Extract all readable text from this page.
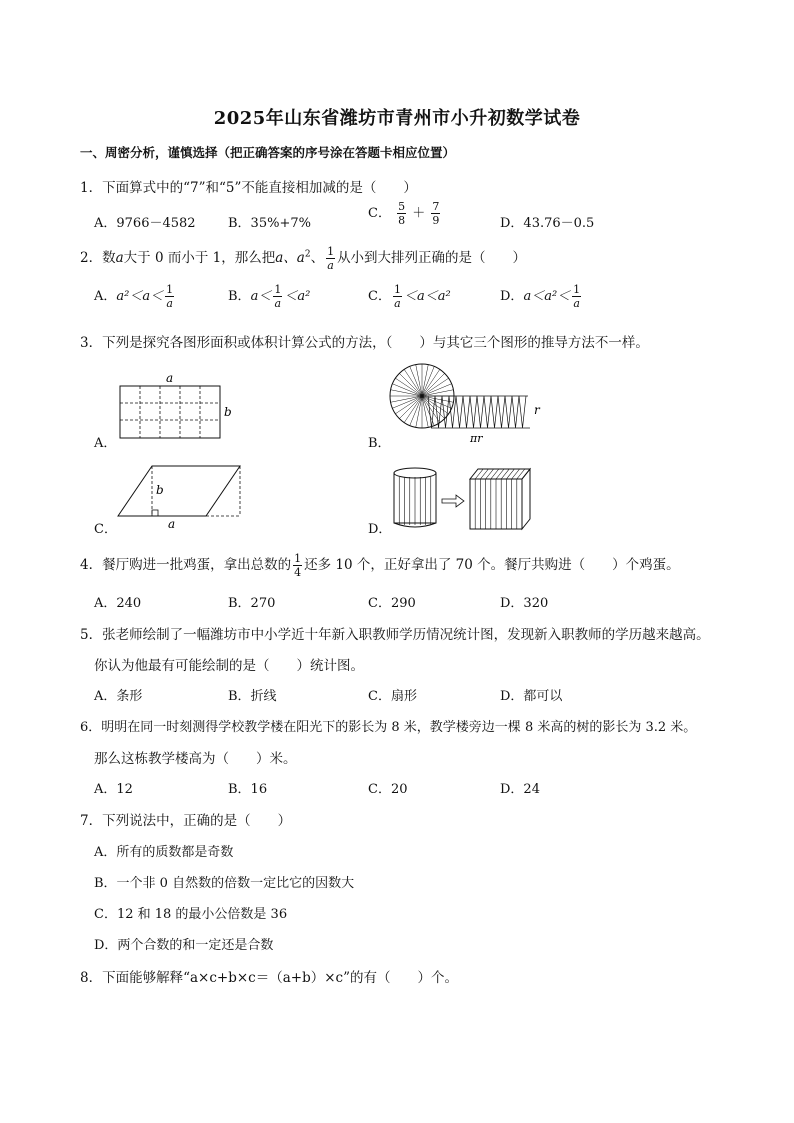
2025年山东省潍坊市青州市小升初数学试卷
一、周密分析，谨慎选择（把正确答案的序号涂在答题卡相应位置）
1．下面算式中的“7”和“5”不能直接相加减的是（　　）
A．9766－4582 B．35%+7%
C． $\frac{5}{8} + \frac{7}{9}$	D．43.76－0.5
2．数a大于 0 而小于 1，那么把a、$a^2$、 $\frac{1}{a}$ 从小到大排列正确的是（　　）
A．$a^2<a< \frac{1}{a}$	B．$a< \frac{1}{a} <a^2$	C． $\frac{1}{a} <a<a^2$	D．$a<a^2< \frac{1}{a}$
3．下列是探究各图形面积或体积计算公式的方法，（　　）与其它三个图形的推导方法不一样。
A．
a
b
B．
r
πr
C．
b
a	D．
4．餐厅购进一批鸡蛋，拿出总数的 $\frac{1}{4}$ 还多 10 个，正好拿出了 70 个。餐厅共购进（　　）个鸡蛋。
A．240	B．270	C．290	D．320
5．张老师绘制了一幅潍坊市中小学近十年新入职教师学历情况统计图，发现新入职教师的学历越来越高。
你认为他最有可能绘制的是（　　）统计图。
A．条形	B．折线	C．扇形	D．都可以
6．明明在同一时刻测得学校教学楼在阳光下的影长为 8 米，教学楼旁边一棵 8 米高的树的影长为 3.2 米。
那么这栋教学楼高为（　　）米。
A．12	B．16	C．20	D．24
7．下列说法中，正确的是（　　）
A．所有的质数都是奇数
B．一个非 0 自然数的倍数一定比它的因数大
C．12 和 18 的最小公倍数是 36
D．两个合数的和一定还是合数
8．下面能够解释“a×c+b×c＝（a+b）×c”的有（　　）个。
